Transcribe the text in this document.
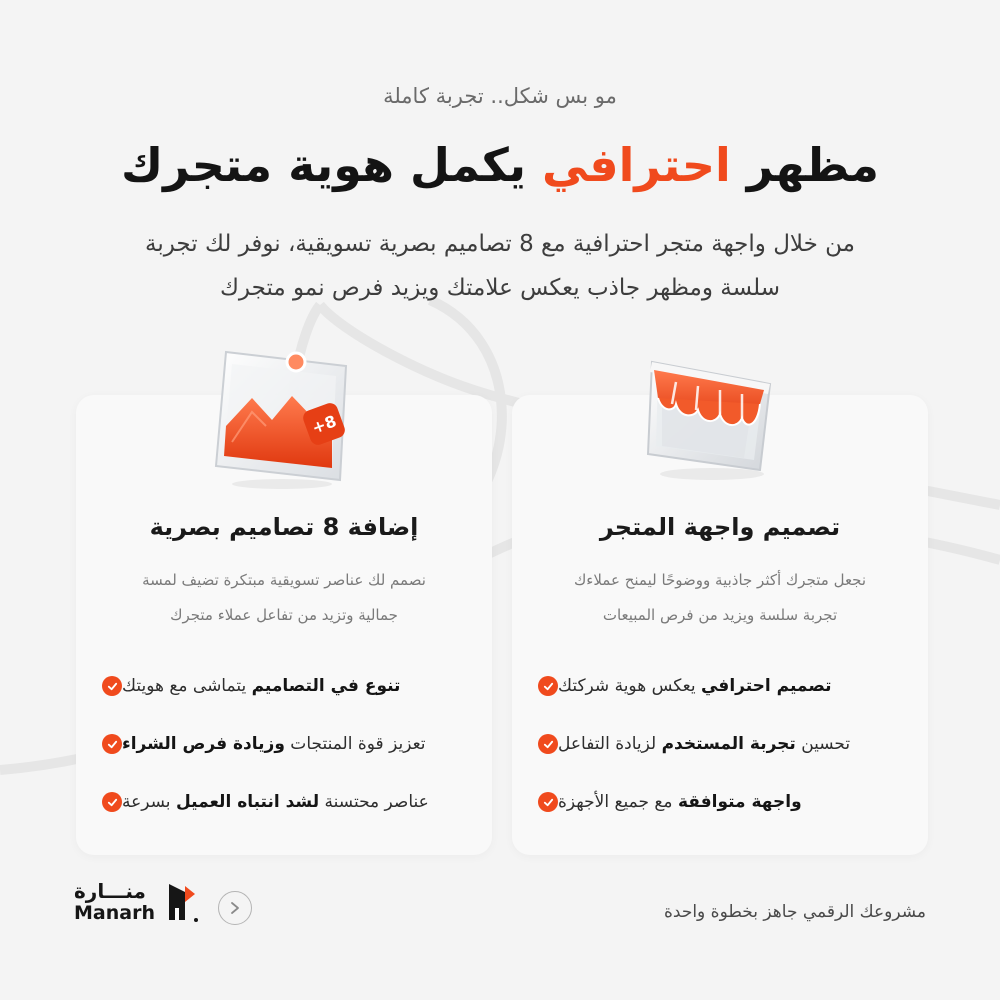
مو بس شكل.. تجربة كاملة
مظهر احترافي يكمل هوية متجرك
من خلال واجهة متجر احترافية مع 8 تصاميم بصرية تسويقية، نوفر لك تجربة
سلسة ومظهر جاذب يعكس علامتك ويزيد فرص نمو متجرك
تصميم واجهة المتجر
نجعل متجرك أكثر جاذبية ووضوحًا ليمنح عملاءك
تجربة سلسة ويزيد من فرص المبيعات
تصميم احترافي يعكس هوية شركتك
تحسين تجربة المستخدم لزيادة التفاعل
واجهة متوافقة مع جميع الأجهزة
إضافة 8 تصاميم بصرية
نصمم لك عناصر تسويقية مبتكرة تضيف لمسة
جمالية وتزيد من تفاعل عملاء متجرك
تنوع في التصاميم يتماشى مع هويتك
تعزيز قوة المنتجات وزيادة فرص الشراء
عناصر محتسنة لشد انتباه العميل بسرعة
+8
مشروعك الرقمي جاهز بخطوة واحدة
منـــارة
Manarh
